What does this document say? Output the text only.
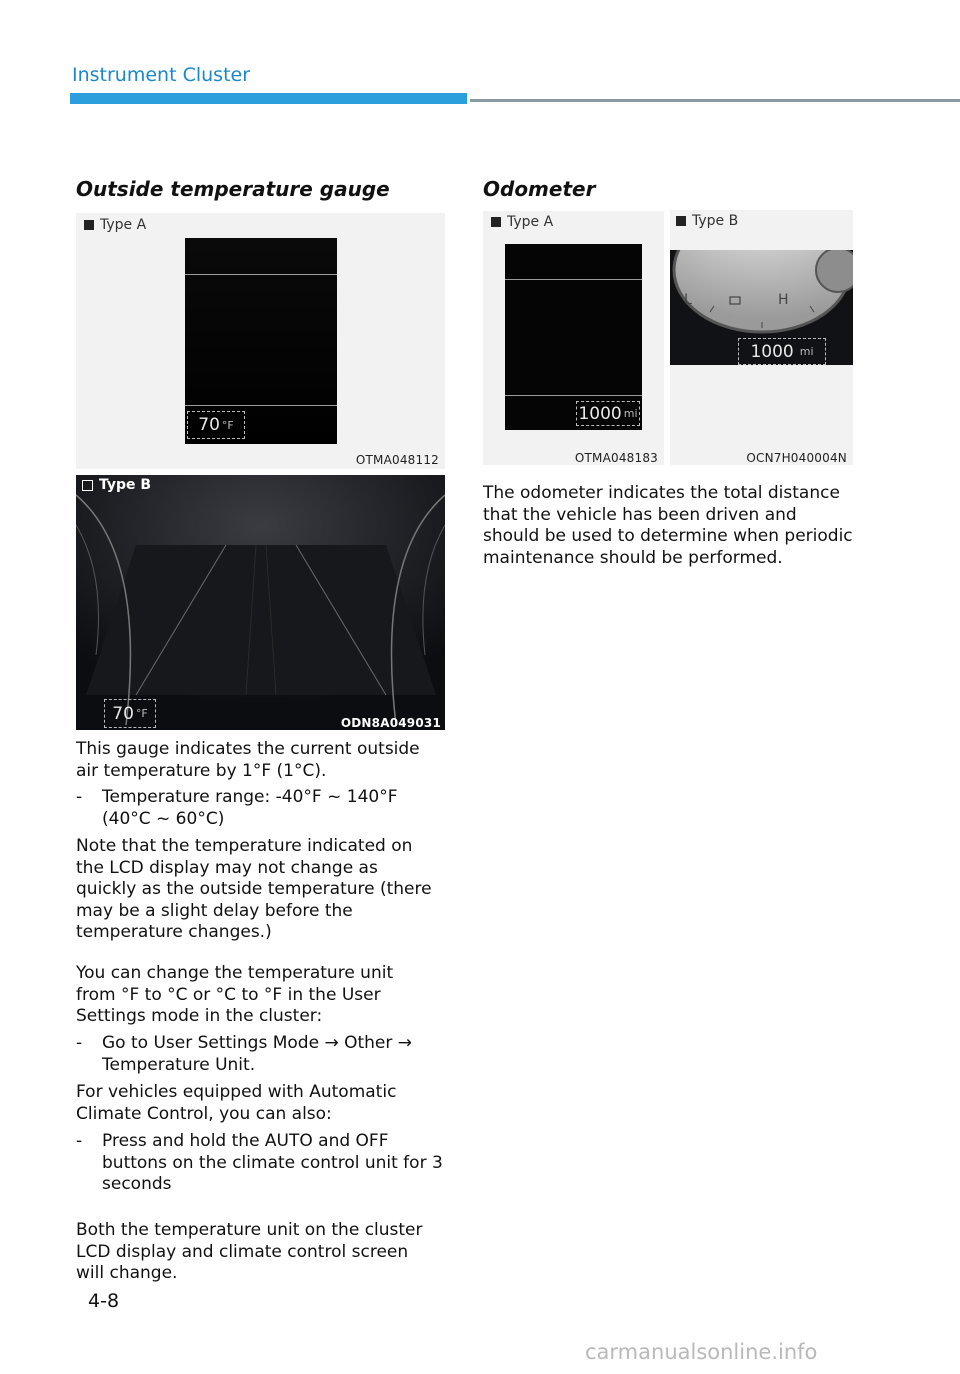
Instrument Cluster
Outside temperature gauge
Type A
70 °F
OTMA048112
Type B
70 °F
ODN8A049031

This gauge indicates the current outside air temperature by 1°F (1°C).

- Temperature range: -40°F ~ 140°F (40°C ~ 60°C)

Note that the temperature indicated on the LCD display may not change as quickly as the outside temperature (there may be a slight delay before the temperature changes.)

You can change the temperature unit from °F to °C or °C to °F in the User Settings mode in the cluster:

- Go to User Settings Mode → Other → Temperature Unit.

For vehicles equipped with Automatic Climate Control, you can also:

- Press and hold the AUTO and OFF buttons on the climate control unit for 3 seconds

Both the temperature unit on the cluster LCD display and climate control screen will change.

4-8
Odometer
Type A
1000 mi
OTMA048183
Type B
L	H
1000 mi
OCN7H040004N

The odometer indicates the total distance that the vehicle has been driven and should be used to determine when periodic maintenance should be performed.

carmanualsonline.info
